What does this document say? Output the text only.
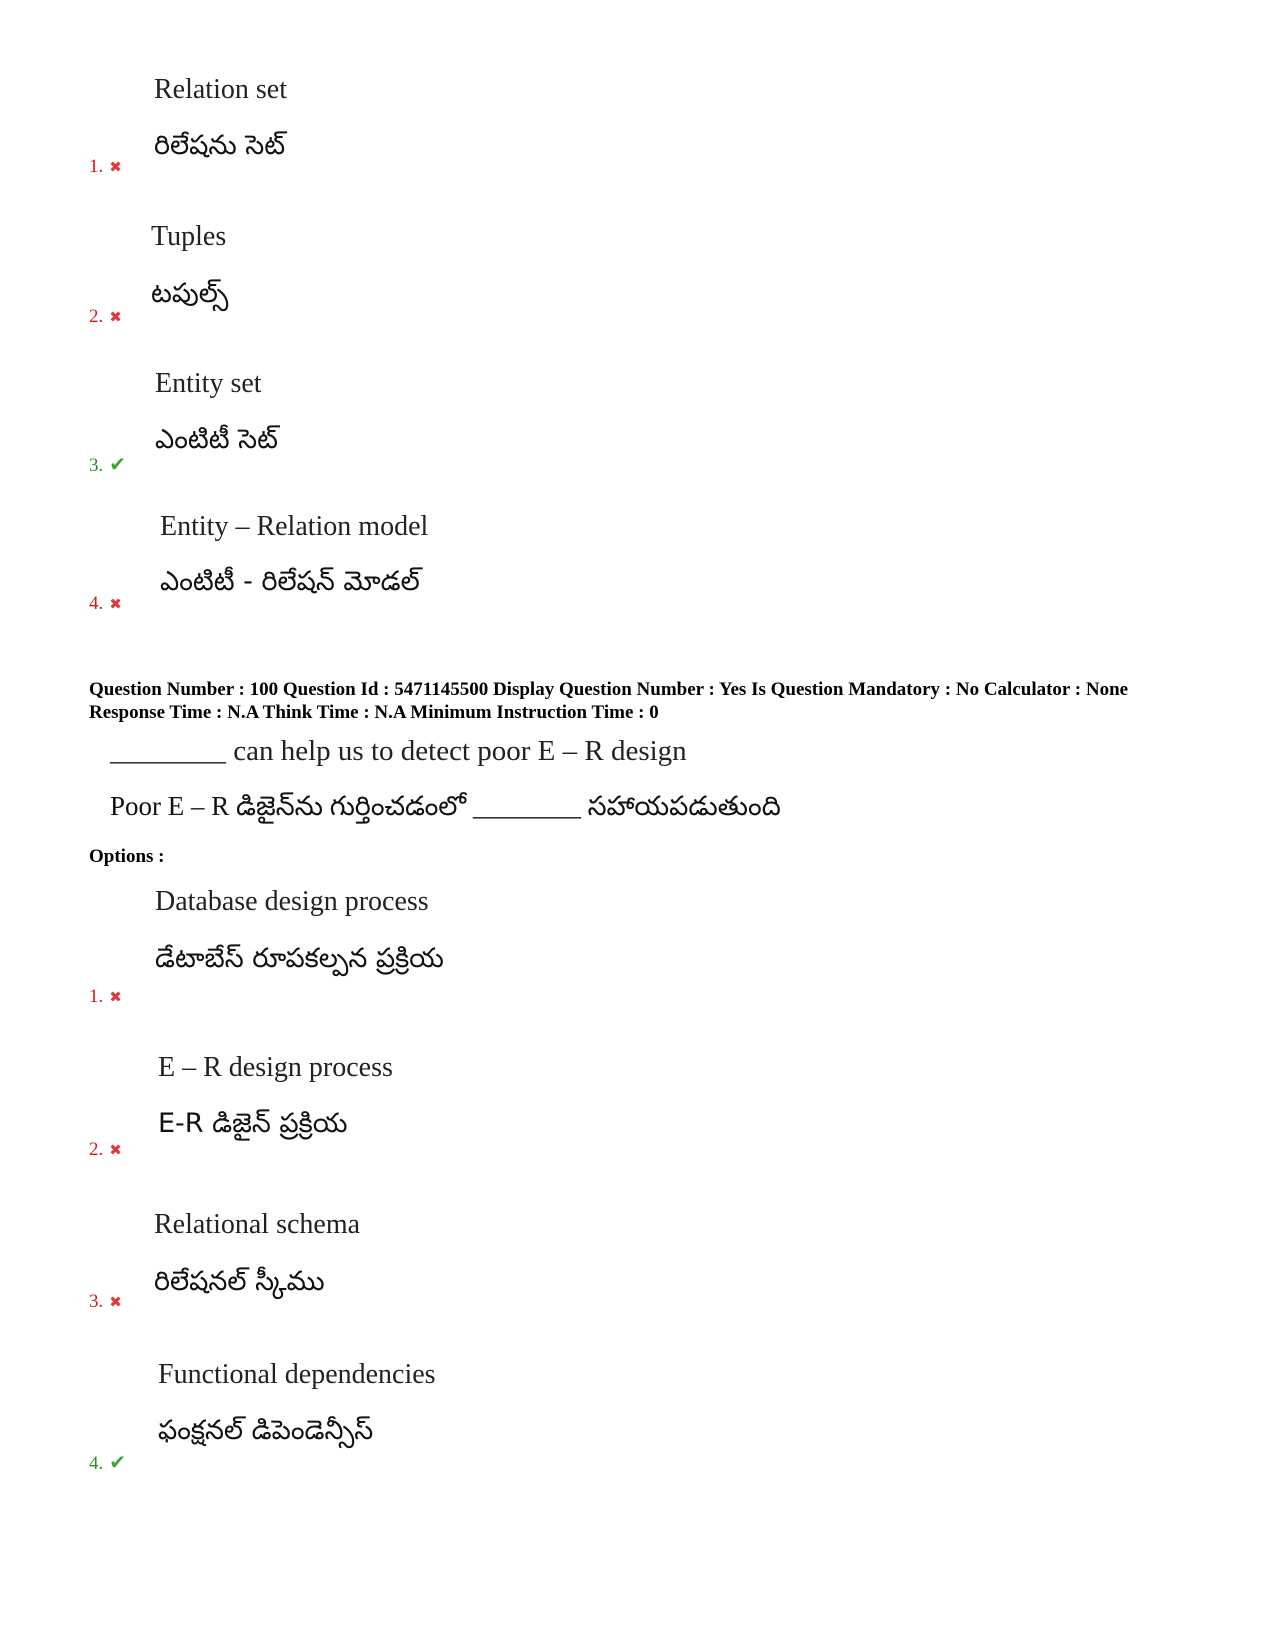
Relation set
రిలేషను సెట్
1. ✖
Tuples
టపుల్స్
2. ✖
Entity set
ఎంటిటీ సెట్
3. ✔
Entity – Relation model
ఎంటిటీ - రిలేషన్ మోడల్
4. ✖
Question Number : 100 Question Id : 5471145500 Display Question Number : Yes Is Question Mandatory : No Calculator : None Response Time : N.A Think Time : N.A Minimum Instruction Time : 0
________ can help us to detect poor E – R design
Poor E – R డిజైన్‌ను గుర్తించడంలో ________ సహాయపడుతుంది
Options :
Database design process
డేటాబేస్ రూపకల్పన ప్రక్రియ
1. ✖
E – R design process
E-R డిజైన్ ప్రక్రియ
2. ✖
Relational schema
రిలేషనల్ స్కీము
3. ✖
Functional dependencies
ఫంక్షనల్ డిపెండెన్సీస్
4. ✔
